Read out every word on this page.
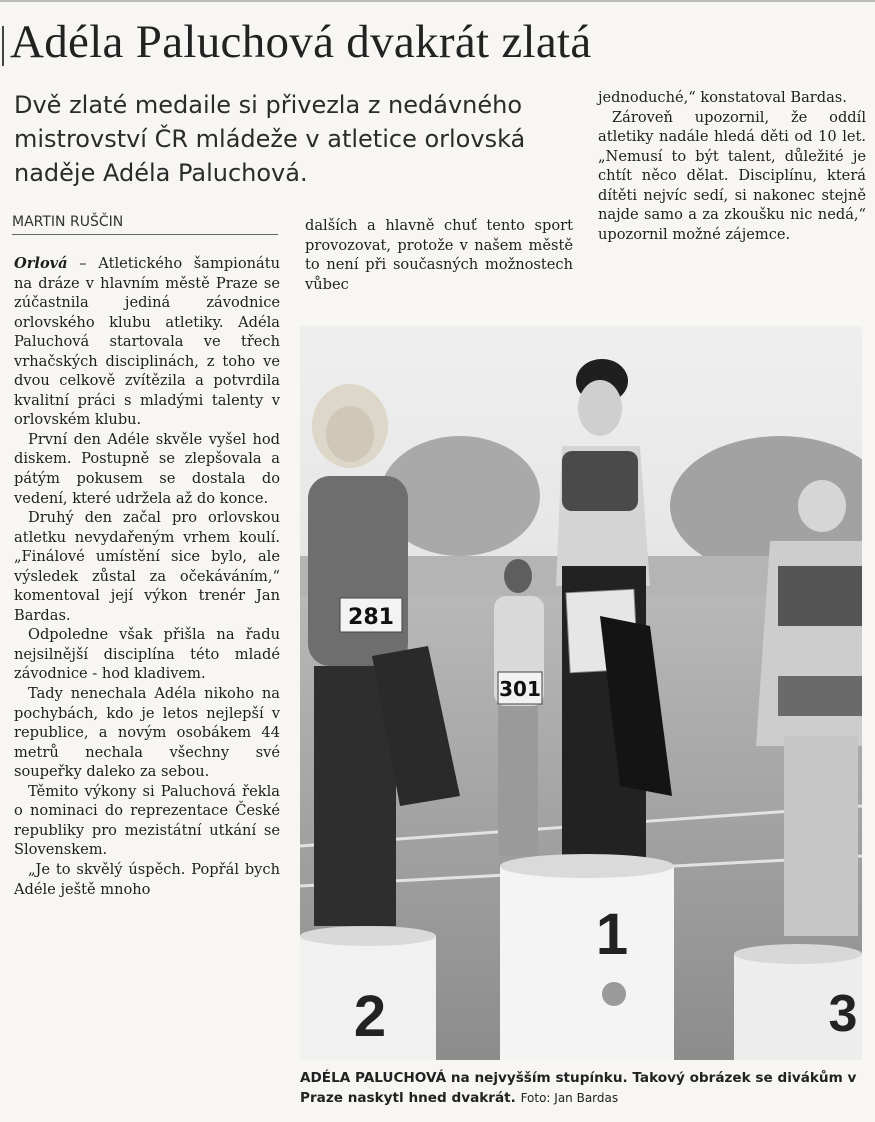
Adéla Paluchová dvakrát zlatá
Dvě zlaté medaile si přivezla z nedávného
mistrovství ČR mládeže v atletice orlovská
naděje Adéla Paluchová.
MARTIN RUŠČIN

Orlová – Atletického šampionátu na dráze v hlavním městě Praze se zúčastnila jediná závodnice orlovského klubu atletiky. Adéla Paluchová startovala ve třech vrhačských disciplinách, z toho ve dvou celkově zvítězila a potvrdila kvalitní práci s mladými talenty v orlovském klubu.

První den Adéle skvěle vyšel hod diskem. Postupně se zlepšovala a pátým pokusem se dostala do vedení, které udržela až do konce.

Druhý den začal pro orlovskou atletku nevydařeným vrhem koulí. „Finálové umístění sice bylo, ale výsledek zůstal za očekáváním,“ komentoval její výkon trenér Jan Bardas.

Odpoledne však přišla na řadu nejsilnější disciplína této mladé závodnice - hod kladivem.

Tady nenechala Adéla nikoho na pochybách, kdo je letos nejlepší v republice, a novým osobákem 44 metrů nechala všechny své soupeřky daleko za sebou.

Těmito výkony si Paluchová řekla o nominaci do reprezentace České republiky pro mezistátní utkání se Slovenskem.

„Je to skvělý úspěch. Popřál bych Adéle ještě mnoho

dalších a hlavně chuť tento sport provozovat, protože v našem městě to není při současných možnostech vůbec

jednoduché,“ konstatoval Bardas.

Zároveň upozornil, že oddíl atletiky nadále hledá děti od 10 let. „Nemusí to být talent, důležité je chtít něco dělat. Disciplínu, která dítěti nejvíc sedí, si nakonec stejně najde samo a za zkoušku nic nedá,“ upozornil možné zájemce.

281
301
2
1
3
ADÉLA PALUCHOVÁ na nejvyšším stupínku. Takový obrázek se divákům v Praze naskytl hned dvakrát. Foto: Jan Bardas
